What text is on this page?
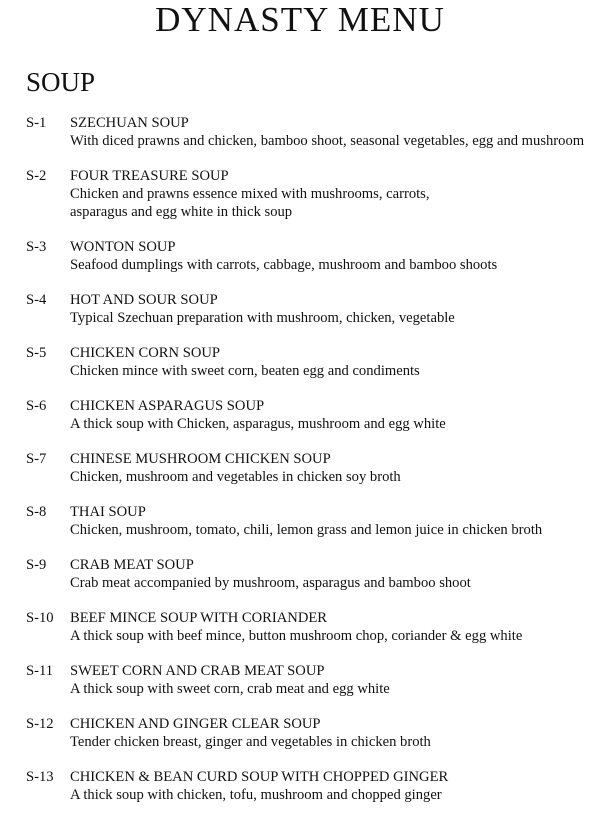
DYNASTY MENU
SOUP
S-1 SZECHUAN SOUP
With diced prawns and chicken, bamboo shoot, seasonal vegetables, egg and mushroom
S-2 FOUR TREASURE SOUP
Chicken and prawns essence mixed with mushrooms, carrots, asparagus and egg white in thick soup
S-3 WONTON SOUP
Seafood dumplings with carrots, cabbage, mushroom and bamboo shoots
S-4 HOT AND SOUR SOUP
Typical Szechuan preparation with mushroom, chicken, vegetable
S-5 CHICKEN CORN SOUP
Chicken mince with sweet corn, beaten egg and condiments
S-6 CHICKEN ASPARAGUS SOUP
A thick soup with Chicken, asparagus, mushroom and egg white
S-7 CHINESE MUSHROOM CHICKEN SOUP
Chicken, mushroom and vegetables in chicken soy broth
S-8 THAI SOUP
Chicken, mushroom, tomato, chili, lemon grass and lemon juice in chicken broth
S-9 CRAB MEAT SOUP
Crab meat accompanied by mushroom, asparagus and bamboo shoot
S-10 BEEF MINCE SOUP WITH CORIANDER
A thick soup with beef mince, button mushroom chop, coriander & egg white
S-11 SWEET CORN AND CRAB MEAT SOUP
A thick soup with sweet corn, crab meat and egg white
S-12 CHICKEN AND GINGER CLEAR SOUP
Tender chicken breast, ginger and vegetables in chicken broth
S-13 CHICKEN & BEAN CURD SOUP WITH CHOPPED GINGER
A thick soup with chicken, tofu, mushroom and chopped ginger
